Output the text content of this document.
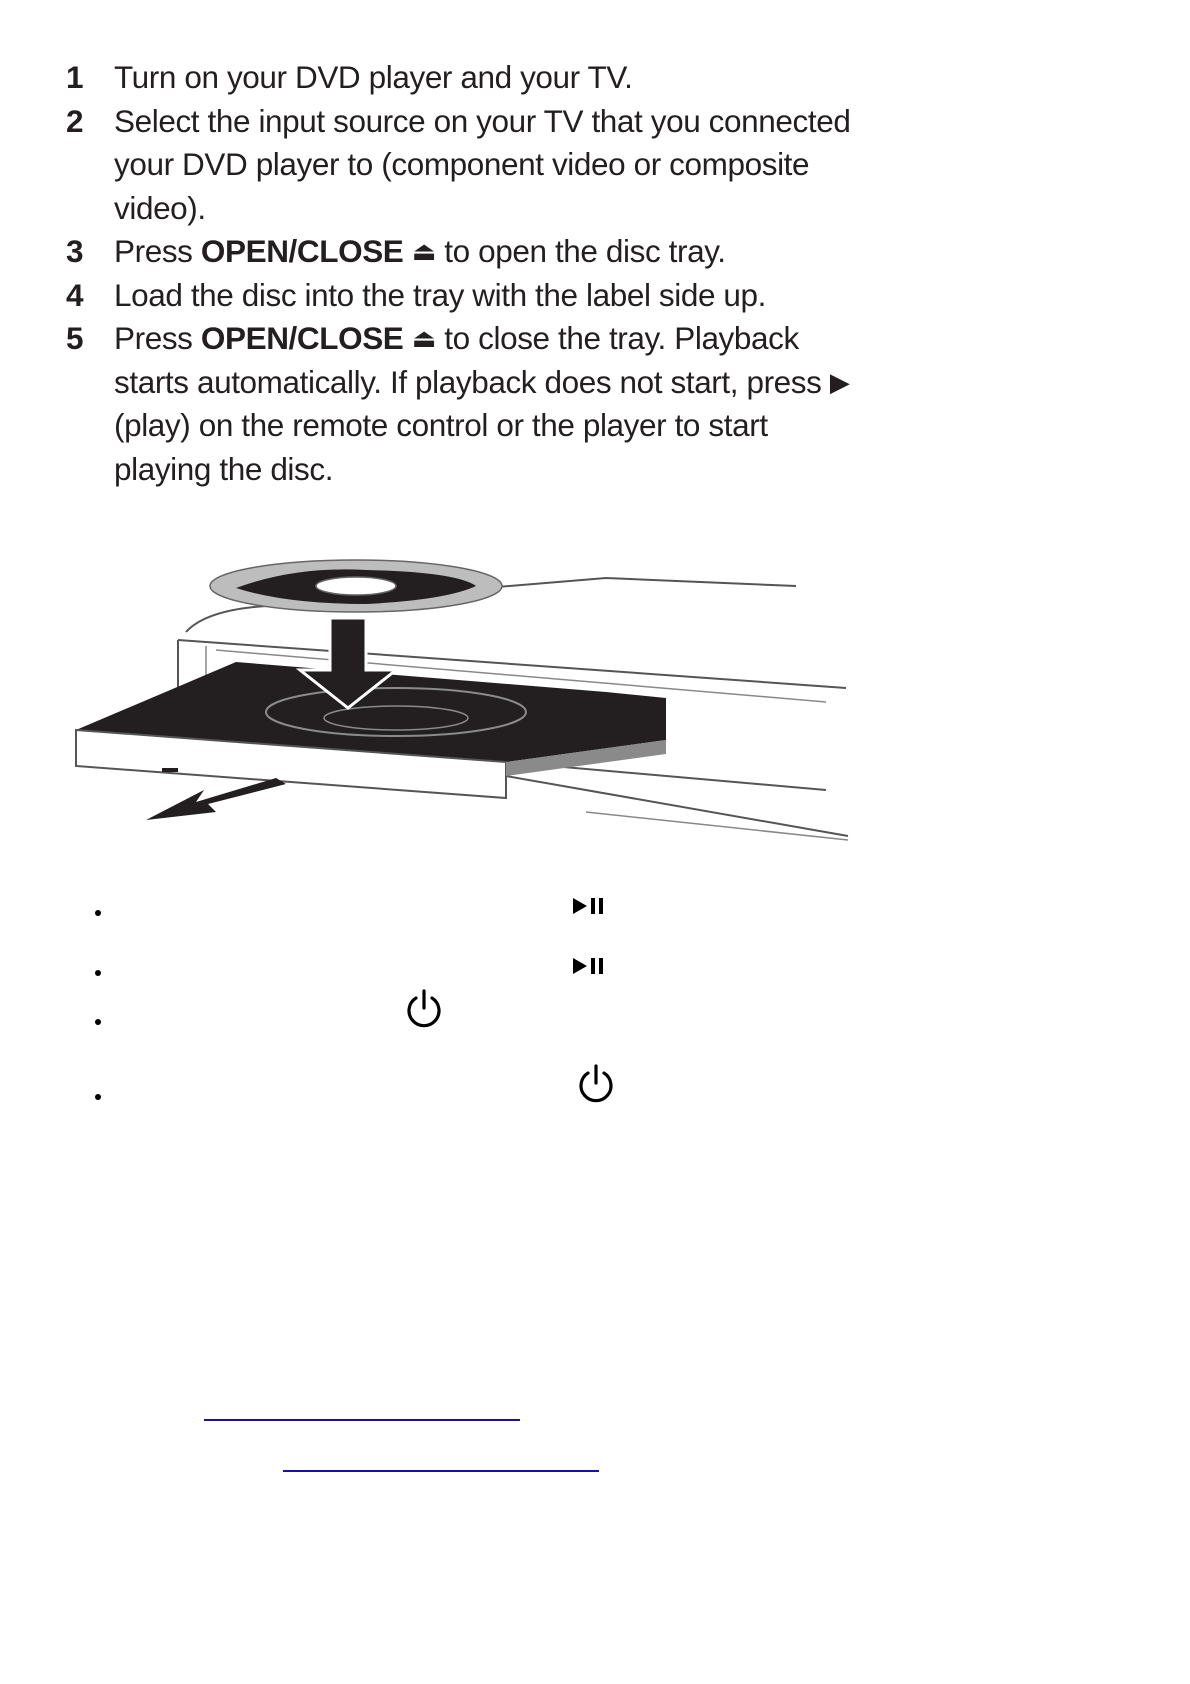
1 Turn on your DVD player and your TV.
2 Select the input source on your TV that you connected your DVD player to (component video or composite video).
3 Press OPEN/CLOSE ⏏ to open the disc tray.
4 Load the disc into the tray with the label side up.
5 Press OPEN/CLOSE ⏏ to close the tray. Playback starts automatically. If playback does not start, press ▶ (play) on the remote control or the player to start playing the disc.
